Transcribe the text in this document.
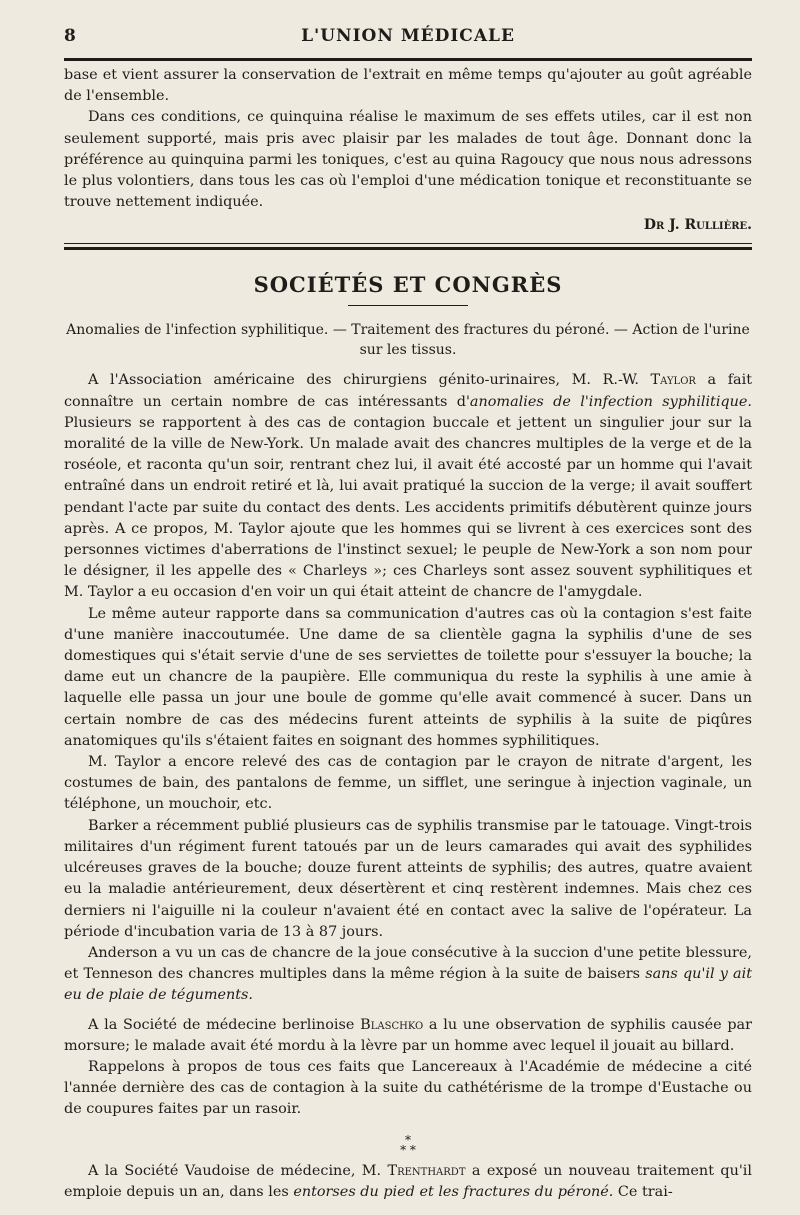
8	L'UNION MÉDICALE

base et vient assurer la conservation de l'extrait en même temps qu'ajouter au goût agréable de l'ensemble.

Dans ces conditions, ce quinquina réalise le maximum de ses effets utiles, car il est non seulement supporté, mais pris avec plaisir par les malades de tout âge. Donnant donc la préférence au quinquina parmi les toniques, c'est au quina Ragoucy que nous nous adressons le plus volontiers, dans tous les cas où l'emploi d'une médication tonique et reconstituante se trouve nettement indiquée.

Dr J. Rullière.

SOCIÉTÉS ET CONGRÈS

Anomalies de l'infection syphilitique. — Traitement des fractures du péroné. — Action de l'urine sur les tissus.

A l'Association américaine des chirurgiens génito-urinaires, M. R.-W. Taylor a fait connaître un certain nombre de cas intéressants d'anomalies de l'infection syphilitique. Plusieurs se rapportent à des cas de contagion buccale et jettent un singulier jour sur la moralité de la ville de New-York. Un malade avait des chancres multiples de la verge et de la roséole, et raconta qu'un soir, rentrant chez lui, il avait été accosté par un homme qui l'avait entraîné dans un endroit retiré et là, lui avait pratiqué la succion de la verge; il avait souffert pendant l'acte par suite du contact des dents. Les accidents primitifs débutèrent quinze jours après. A ce propos, M. Taylor ajoute que les hommes qui se livrent à ces exercices sont des personnes victimes d'aberrations de l'instinct sexuel; le peuple de New-York a son nom pour le désigner, il les appelle des « Charleys »; ces Charleys sont assez souvent syphilitiques et M. Taylor a eu occasion d'en voir un qui était atteint de chancre de l'amygdale.

Le même auteur rapporte dans sa communication d'autres cas où la contagion s'est faite d'une manière inaccoutumée. Une dame de sa clientèle gagna la syphilis d'une de ses domestiques qui s'était servie d'une de ses serviettes de toilette pour s'essuyer la bouche; la dame eut un chancre de la paupière. Elle communiqua du reste la syphilis à une amie à laquelle elle passa un jour une boule de gomme qu'elle avait commencé à sucer. Dans un certain nombre de cas des médecins furent atteints de syphilis à la suite de piqûres anatomiques qu'ils s'étaient faites en soignant des hommes syphilitiques.

M. Taylor a encore relevé des cas de contagion par le crayon de nitrate d'argent, les costumes de bain, des pantalons de femme, un sifflet, une seringue à injection vaginale, un téléphone, un mouchoir, etc.

Barker a récemment publié plusieurs cas de syphilis transmise par le tatouage. Vingt-trois militaires d'un régiment furent tatoués par un de leurs camarades qui avait des syphilides ulcéreuses graves de la bouche; douze furent atteints de syphilis; des autres, quatre avaient eu la maladie antérieurement, deux désertèrent et cinq restèrent indemnes. Mais chez ces derniers ni l'aiguille ni la couleur n'avaient été en contact avec la salive de l'opérateur. La période d'incubation varia de 13 à 87 jours.

Anderson a vu un cas de chancre de la joue consécutive à la succion d'une petite blessure, et Tenneson des chancres multiples dans la même région à la suite de baisers sans qu'il y ait eu de plaie de téguments.

A la Société de médecine berlinoise Blaschko a lu une observation de syphilis causée par morsure; le malade avait été mordu à la lèvre par un homme avec lequel il jouait au billard.

Rappelons à propos de tous ces faits que Lancereaux à l'Académie de médecine a cité l'année dernière des cas de contagion à la suite du cathétérisme de la trompe d'Eustache ou de coupures faites par un rasoir.

*
* *

A la Société Vaudoise de médecine, M. Trenthardt a exposé un nouveau traitement qu'il emploie depuis un an, dans les entorses du pied et les fractures du péroné. Ce trai-
